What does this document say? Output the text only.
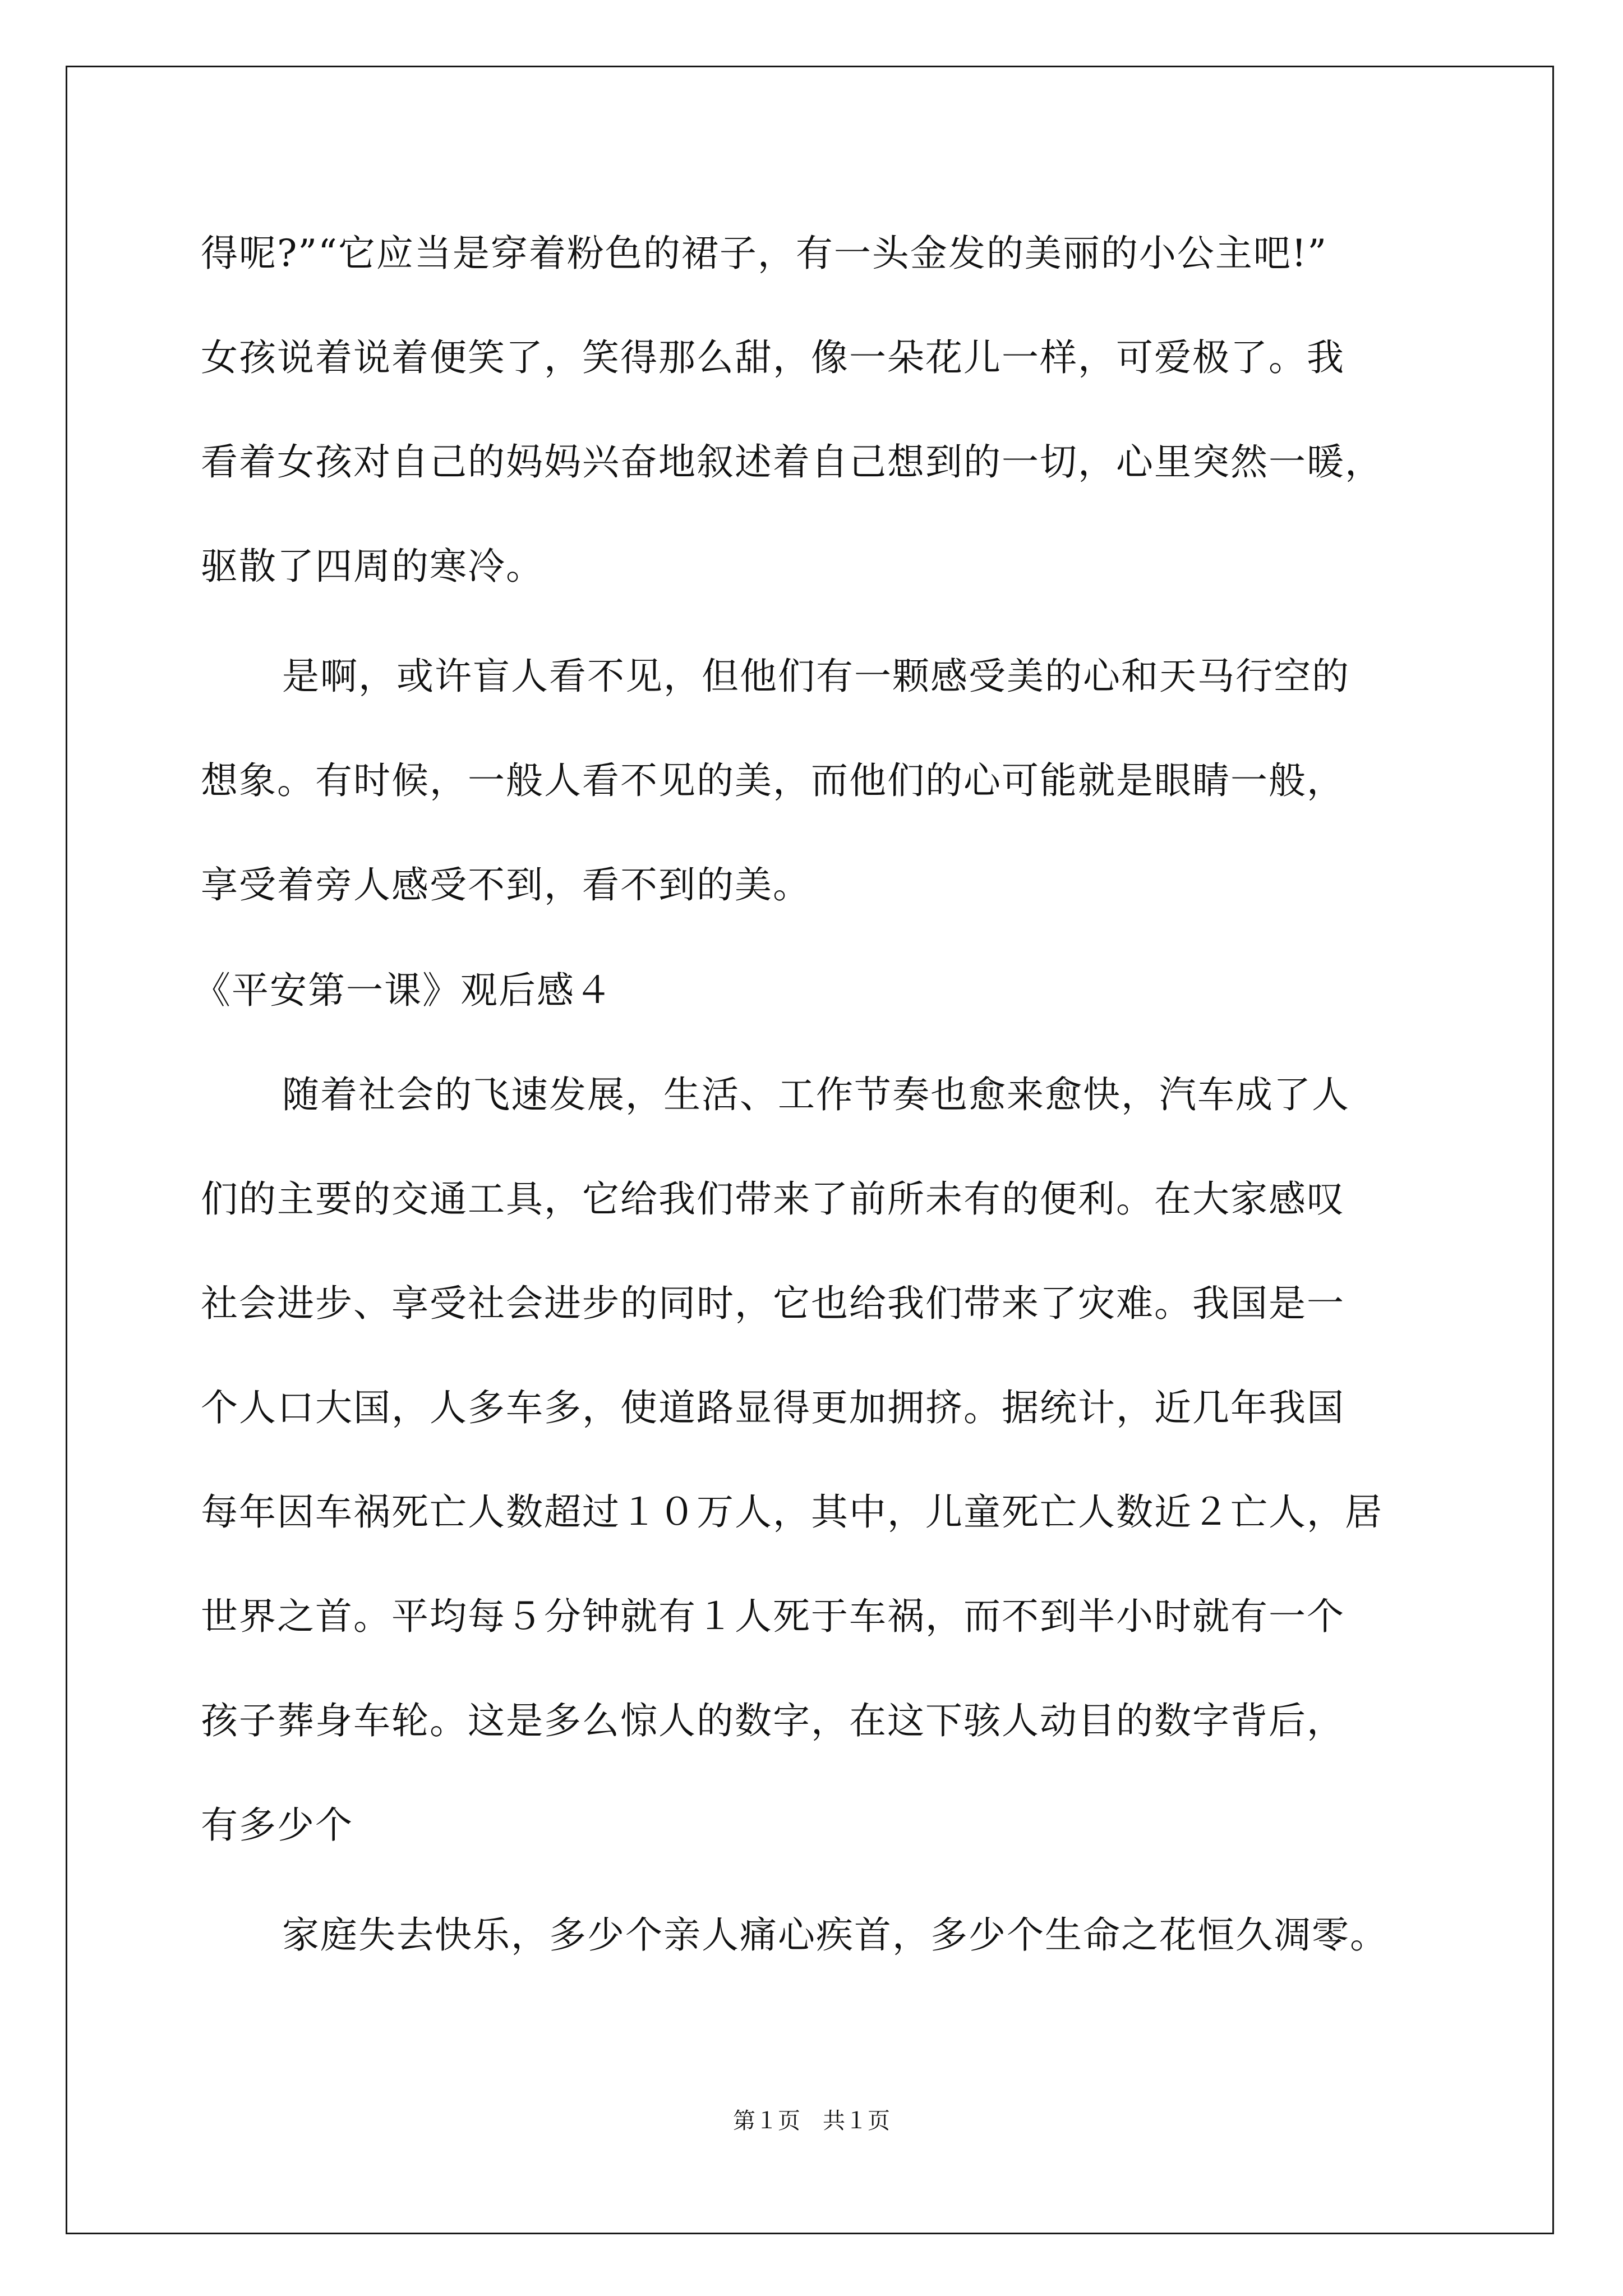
得呢?”“它应当是穿着粉色的裙子，有一头金发的美丽的小公主吧!”
女孩说着说着便笑了，笑得那么甜，像一朵花儿一样，可爱极了。我
看着女孩对自己的妈妈兴奋地叙述着自己想到的一切，心里突然一暖，
驱散了四周的寒冷。
是啊，或许盲人看不见，但他们有一颗感受美的心和天马行空的
想象。有时候，一般人看不见的美，而他们的心可能就是眼睛一般，
享受着旁人感受不到，看不到的美。
《平安第一课》观后感４
随着社会的飞速发展，生活、工作节奏也愈来愈快，汽车成了人
们的主要的交通工具，它给我们带来了前所未有的便利。在大家感叹
社会进步、享受社会进步的同时，它也给我们带来了灾难。我国是一
个人口大国，人多车多，使道路显得更加拥挤。据统计，近几年我国
每年因车祸死亡人数超过１０万人，其中，儿童死亡人数近２亡人，居
世界之首。平均每５分钟就有１人死于车祸，而不到半小时就有一个
孩子葬身车轮。这是多么惊人的数字，在这下骇人动目的数字背后，
有多少个
家庭失去快乐，多少个亲人痛心疾首，多少个生命之花恒久凋零。
第１页　共１页
